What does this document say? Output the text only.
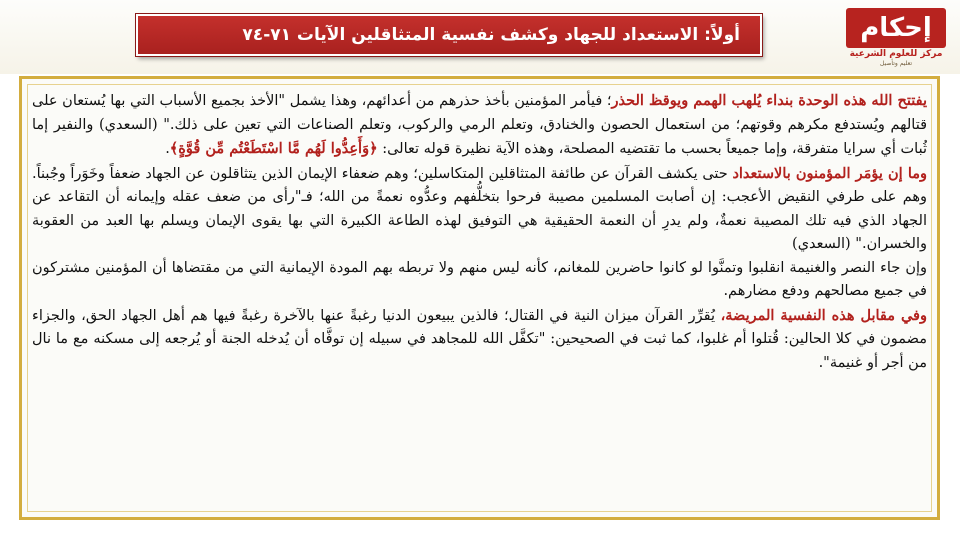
أولاً: الاستعداد للجهاد وكشف نفسية المتثاقلين الآيات ٧١-٧٤	إحكام
مركز للعلوم الشرعية
تعليم وتأصيل

يفتتح الله هذه الوحدة بنداء يُلهب الهمم ويوقظ الحذر؛ فيأمر المؤمنين بأخذ حذرهم من أعدائهم، وهذا يشمل "الأخذ بجميع الأسباب التي بها يُستعان على قتالهم ويُستدفع مكرهم وقوتهم؛ من استعمال الحصون والخنادق، وتعلم الرمي والركوب، وتعلم الصناعات التي تعين على ذلك." (السعدي) والنفير إما ثُبات أي سرايا متفرقة، وإما جميعاً بحسب ما تقتضيه المصلحة، وهذه الآية نظيرة قوله تعالى: ﴿وَأَعِدُّوا لَهُم مَّا اسْتَطَعْتُم مِّن قُوَّةٍ﴾.

وما إن يؤمَر المؤمنون بالاستعداد حتى يكشف القرآن عن طائفة المتثاقلين المتكاسلين؛ وهم ضعفاء الإيمان الذين يتثاقلون عن الجهاد ضعفاً وخَوَراً وجُبناً. وهم على طرفي النقيض الأعجب: إن أصابت المسلمين مصيبة فرحوا بتخلُّفهم وعدُّوه نعمةً من الله؛ فـ"رأى من ضعف عقله وإيمانه أن التقاعد عن الجهاد الذي فيه تلك المصيبة نعمةٌ، ولم يدرِ أن النعمة الحقيقية هي التوفيق لهذه الطاعة الكبيرة التي بها يقوى الإيمان ويسلم بها العبد من العقوبة والخسران." (السعدي)

وإن جاء النصر والغنيمة انقلبوا وتمنَّوا لو كانوا حاضرين للمغانم، كأنه ليس منهم ولا تربطه بهم المودة الإيمانية التي من مقتضاها أن المؤمنين مشتركون في جميع مصالحهم ودفع مضارهم.

وفي مقابل هذه النفسية المريضة، يُقرِّر القرآن ميزان النية في القتال؛ فالذين يبيعون الدنيا رغبةً عنها بالآخرة رغبةً فيها هم أهل الجهاد الحق، والجزاء مضمون في كلا الحالين: قُتلوا أم غلبوا، كما ثبت في الصحيحين: "تكفَّل الله للمجاهد في سبيله إن توفَّاه أن يُدخله الجنة أو يُرجعه إلى مسكنه مع ما نال من أجر أو غنيمة".
